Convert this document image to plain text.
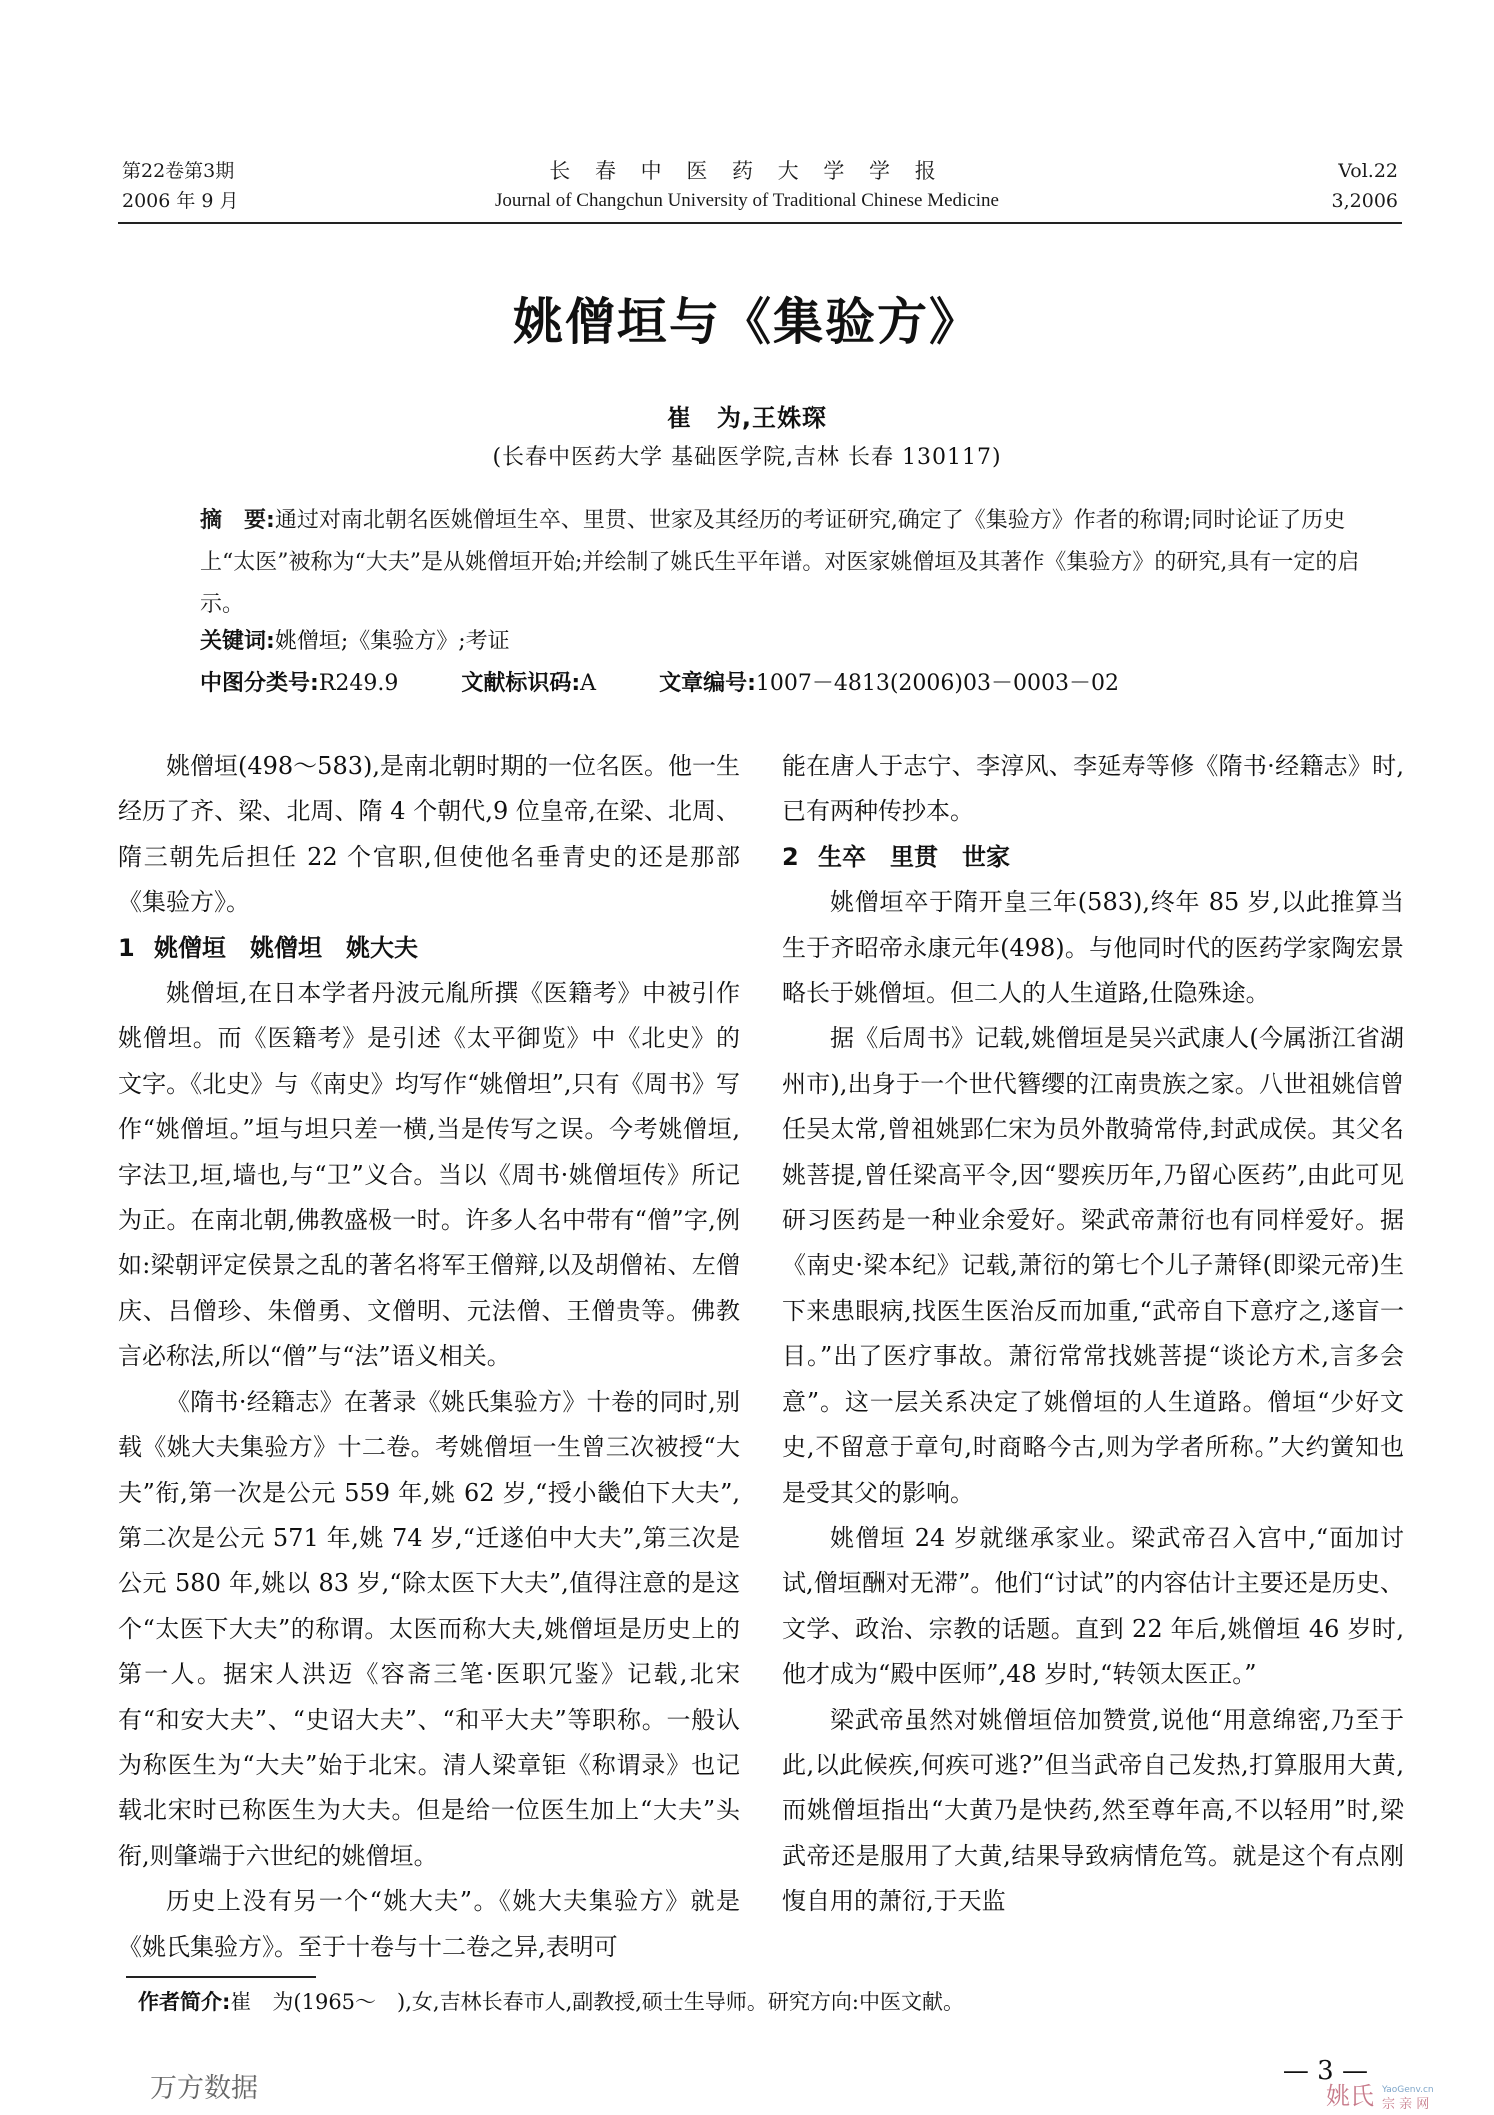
第22卷第3期
2006 年 9 月
长 春 中 医 药 大 学 学 报
Journal of Changchun University of Traditional Chinese Medicine
Vol.22
3,2006
姚僧垣与《集验方》
崔　为,王姝琛
(长春中医药大学 基础医学院,吉林 长春 130117)
摘　要:通过对南北朝名医姚僧垣生卒、里贯、世家及其经历的考证研究,确定了《集验方》作者的称谓;同时论证了历史上“太医”被称为“大夫”是从姚僧垣开始;并绘制了姚氏生平年谱。对医家姚僧垣及其著作《集验方》的研究,具有一定的启示。
关键词:姚僧垣;《集验方》;考证
中图分类号:R249.9	文献标识码:A	文章编号:1007－4813(2006)03－0003－02

姚僧垣(498～583),是南北朝时期的一位名医。他一生经历了齐、梁、北周、隋 4 个朝代,9 位皇帝,在梁、北周、隋三朝先后担任 22 个官职,但使他名垂青史的还是那部《集验方》。

1 姚僧垣　姚僧坦　姚大夫

姚僧垣,在日本学者丹波元胤所撰《医籍考》中被引作姚僧坦。而《医籍考》是引述《太平御览》中《北史》的文字。《北史》与《南史》均写作“姚僧坦”,只有《周书》写作“姚僧垣。”垣与坦只差一横,当是传写之误。今考姚僧垣,字法卫,垣,墙也,与“卫”义合。当以《周书·姚僧垣传》所记为正。在南北朝,佛教盛极一时。许多人名中带有“僧”字,例如:梁朝评定侯景之乱的著名将军王僧辩,以及胡僧祐、左僧庆、吕僧珍、朱僧勇、文僧明、元法僧、王僧贵等。佛教言必称法,所以“僧”与“法”语义相关。

《隋书·经籍志》在著录《姚氏集验方》十卷的同时,别载《姚大夫集验方》十二卷。考姚僧垣一生曾三次被授“大夫”衔,第一次是公元 559 年,姚 62 岁,“授小畿伯下大夫”,第二次是公元 571 年,姚 74 岁,“迁遂伯中大夫”,第三次是公元 580 年,姚以 83 岁,“除太医下大夫”,值得注意的是这个“太医下大夫”的称谓。太医而称大夫,姚僧垣是历史上的第一人。据宋人洪迈《容斋三笔·医职冗鉴》记载,北宋有“和安大夫”、“史诏大夫”、“和平大夫”等职称。一般认为称医生为“大夫”始于北宋。清人梁章钜《称谓录》也记载北宋时已称医生为大夫。但是给一位医生加上“大夫”头衔,则肇端于六世纪的姚僧垣。

历史上没有另一个“姚大夫”。《姚大夫集验方》就是《姚氏集验方》。至于十卷与十二卷之异,表明可

能在唐人于志宁、李淳风、李延寿等修《隋书·经籍志》时,已有两种传抄本。

2 生卒　里贯　世家

姚僧垣卒于隋开皇三年(583),终年 85 岁,以此推算当生于齐昭帝永康元年(498)。与他同时代的医药学家陶宏景略长于姚僧垣。但二人的人生道路,仕隐殊途。

据《后周书》记载,姚僧垣是吴兴武康人(今属浙江省湖州市),出身于一个世代簪缨的江南贵族之家。八世祖姚信曾任吴太常,曾祖姚郢仁宋为员外散骑常侍,封武成侯。其父名姚菩提,曾任梁高平令,因“婴疾历年,乃留心医药”,由此可见研习医药是一种业余爱好。梁武帝萧衍也有同样爱好。据《南史·梁本纪》记载,萧衍的第七个儿子萧铎(即梁元帝)生下来患眼病,找医生医治反而加重,“武帝自下意疗之,遂盲一目。”出了医疗事故。萧衍常常找姚菩提“谈论方术,言多会意”。这一层关系决定了姚僧垣的人生道路。僧垣“少好文史,不留意于章句,时商略今古,则为学者所称。”大约黉知也是受其父的影响。

姚僧垣 24 岁就继承家业。梁武帝召入宫中,“面加讨试,僧垣酬对无滞”。他们“讨试”的内容估计主要还是历史、文学、政治、宗教的话题。直到 22 年后,姚僧垣 46 岁时,他才成为“殿中医师”,48 岁时,“转领太医正。”

梁武帝虽然对姚僧垣倍加赞赏,说他“用意绵密,乃至于此,以此候疾,何疾可逃?”但当武帝自己发热,打算服用大黄,而姚僧垣指出“大黄乃是快药,然至尊年高,不以轻用”时,梁武帝还是服用了大黄,结果导致病情危笃。就是这个有点刚愎自用的萧衍,于天监

作者简介:崔　为(1965～　),女,吉林长春市人,副教授,硕士生导师。研究方向:中医文献。
万方数据
— 3 —
姚氏 YaoGenv.cn
宗 亲 网
